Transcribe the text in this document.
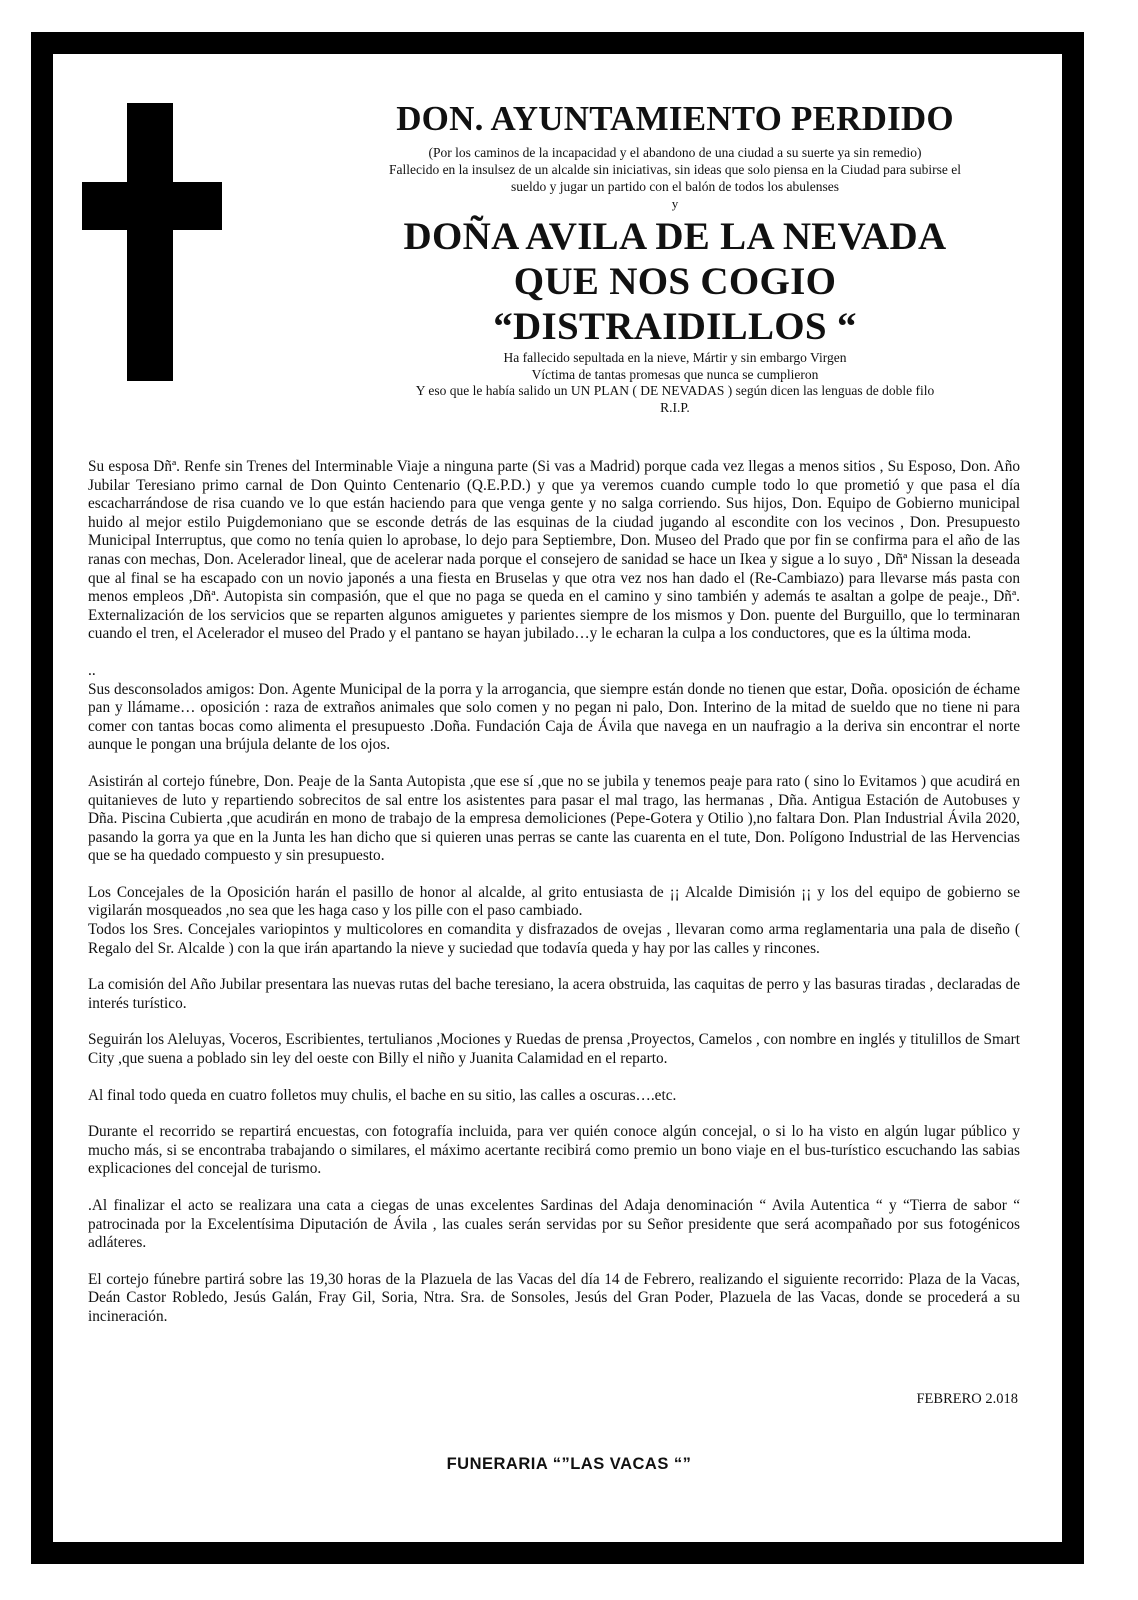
DON. AYUNTAMIENTO PERDIDO
(Por los caminos de la incapacidad y el abandono de una ciudad a su suerte ya sin remedio)
Fallecido en la insulsez de un alcalde sin iniciativas, sin ideas que solo piensa en la Ciudad para subirse el
sueldo y jugar un partido con el balón de todos los abulenses
y
DOÑA AVILA DE LA NEVADA
QUE NOS COGIO
“DISTRAIDILLOS “
Ha fallecido sepultada en la nieve, Mártir y sin embargo Virgen
Víctima de tantas promesas que nunca se cumplieron
Y eso que le había salido un UN PLAN ( DE NEVADAS ) según dicen las lenguas de doble filo
R.I.P.

Su esposa Dñª. Renfe sin Trenes del Interminable Viaje a ninguna parte (Si vas a Madrid) porque cada vez llegas a menos sitios , Su Esposo, Don. Año Jubilar Teresiano primo carnal de Don Quinto Centenario (Q.E.P.D.) y que ya veremos cuando cumple todo lo que prometió y que pasa el día escacharrándose de risa cuando ve lo que están haciendo para que venga gente y no salga corriendo. Sus hijos, Don. Equipo de Gobierno municipal huido al mejor estilo Puigdemoniano que se esconde detrás de las esquinas de la ciudad jugando al escondite con los vecinos , Don. Presupuesto Municipal Interruptus, que como no tenía quien lo aprobase, lo dejo para Septiembre, Don. Museo del Prado que por fin se confirma para el año de las ranas con mechas, Don. Acelerador lineal, que de acelerar nada porque el consejero de sanidad se hace un Ikea y sigue a lo suyo , Dñª Nissan la deseada que al final se ha escapado con un novio japonés a una fiesta en Bruselas y que otra vez nos han dado el (Re-Cambiazo) para llevarse más pasta con menos empleos ,Dñª. Autopista sin compasión, que el que no paga se queda en el camino y sino también y además te asaltan a golpe de peaje., Dñª. Externalización de los servicios que se reparten algunos amiguetes y parientes siempre de los mismos y Don. puente del Burguillo, que lo terminaran cuando el tren, el Acelerador el museo del Prado y el pantano se hayan jubilado…y le echaran la culpa a los conductores, que es la última moda.

..

Sus desconsolados amigos: Don. Agente Municipal de la porra y la arrogancia, que siempre están donde no tienen que estar, Doña. oposición de échame pan y llámame… oposición : raza de extraños animales que solo comen y no pegan ni palo, Don. Interino de la mitad de sueldo que no tiene ni para comer con tantas bocas como alimenta el presupuesto .Doña. Fundación Caja de Ávila que navega en un naufragio a la deriva sin encontrar el norte aunque le pongan una brújula delante de los ojos.

Asistirán al cortejo fúnebre, Don. Peaje de la Santa Autopista ,que ese sí ,que no se jubila y tenemos peaje para rato ( sino lo Evitamos ) que acudirá en quitanieves de luto y repartiendo sobrecitos de sal entre los asistentes para pasar el mal trago, las hermanas , Dña. Antigua Estación de Autobuses y Dña. Piscina Cubierta ,que acudirán en mono de trabajo de la empresa demoliciones (Pepe-Gotera y Otilio ),no faltara Don. Plan Industrial Ávila 2020, pasando la gorra ya que en la Junta les han dicho que si quieren unas perras se cante las cuarenta en el tute, Don. Polígono Industrial de las Hervencias que se ha quedado compuesto y sin presupuesto.

Los Concejales de la Oposición harán el pasillo de honor al alcalde, al grito entusiasta de ¡¡ Alcalde Dimisión ¡¡ y los del equipo de gobierno se vigilarán mosqueados ,no sea que les haga caso y los pille con el paso cambiado.
Todos los Sres. Concejales variopintos y multicolores en comandita y disfrazados de ovejas , llevaran como arma reglamentaria una pala de diseño ( Regalo del Sr. Alcalde ) con la que irán apartando la nieve y suciedad que todavía queda y hay por las calles y rincones.

La comisión del Año Jubilar presentara las nuevas rutas del bache teresiano, la acera obstruida, las caquitas de perro y las basuras tiradas , declaradas de interés turístico.

Seguirán los Aleluyas, Voceros, Escribientes, tertulianos ,Mociones y Ruedas de prensa ,Proyectos, Camelos , con nombre en inglés y titulillos de Smart City ,que suena a poblado sin ley del oeste con Billy el niño y Juanita Calamidad en el reparto.

Al final todo queda en cuatro folletos muy chulis, el bache en su sitio, las calles a oscuras….etc.

Durante el recorrido se repartirá encuestas, con fotografía incluida, para ver quién conoce algún concejal, o si lo ha visto en algún lugar público y mucho más, si se encontraba trabajando o similares, el máximo acertante recibirá como premio un bono viaje en el bus-turístico escuchando las sabias explicaciones del concejal de turismo.

.Al finalizar el acto se realizara una cata a ciegas de unas excelentes Sardinas del Adaja denominación “ Avila Autentica “ y “Tierra de sabor “ patrocinada por la Excelentísima Diputación de Ávila , las cuales serán servidas por su Señor presidente que será acompañado por sus fotogénicos adláteres.

El cortejo fúnebre partirá sobre las 19,30 horas de la Plazuela de las Vacas del día 14 de Febrero, realizando el siguiente recorrido: Plaza de la Vacas, Deán Castor Robledo, Jesús Galán, Fray Gil, Soria, Ntra. Sra. de Sonsoles, Jesús del Gran Poder, Plazuela de las Vacas, donde se procederá a su incineración.

FEBRERO 2.018
FUNERARIA “”LAS VACAS “”
